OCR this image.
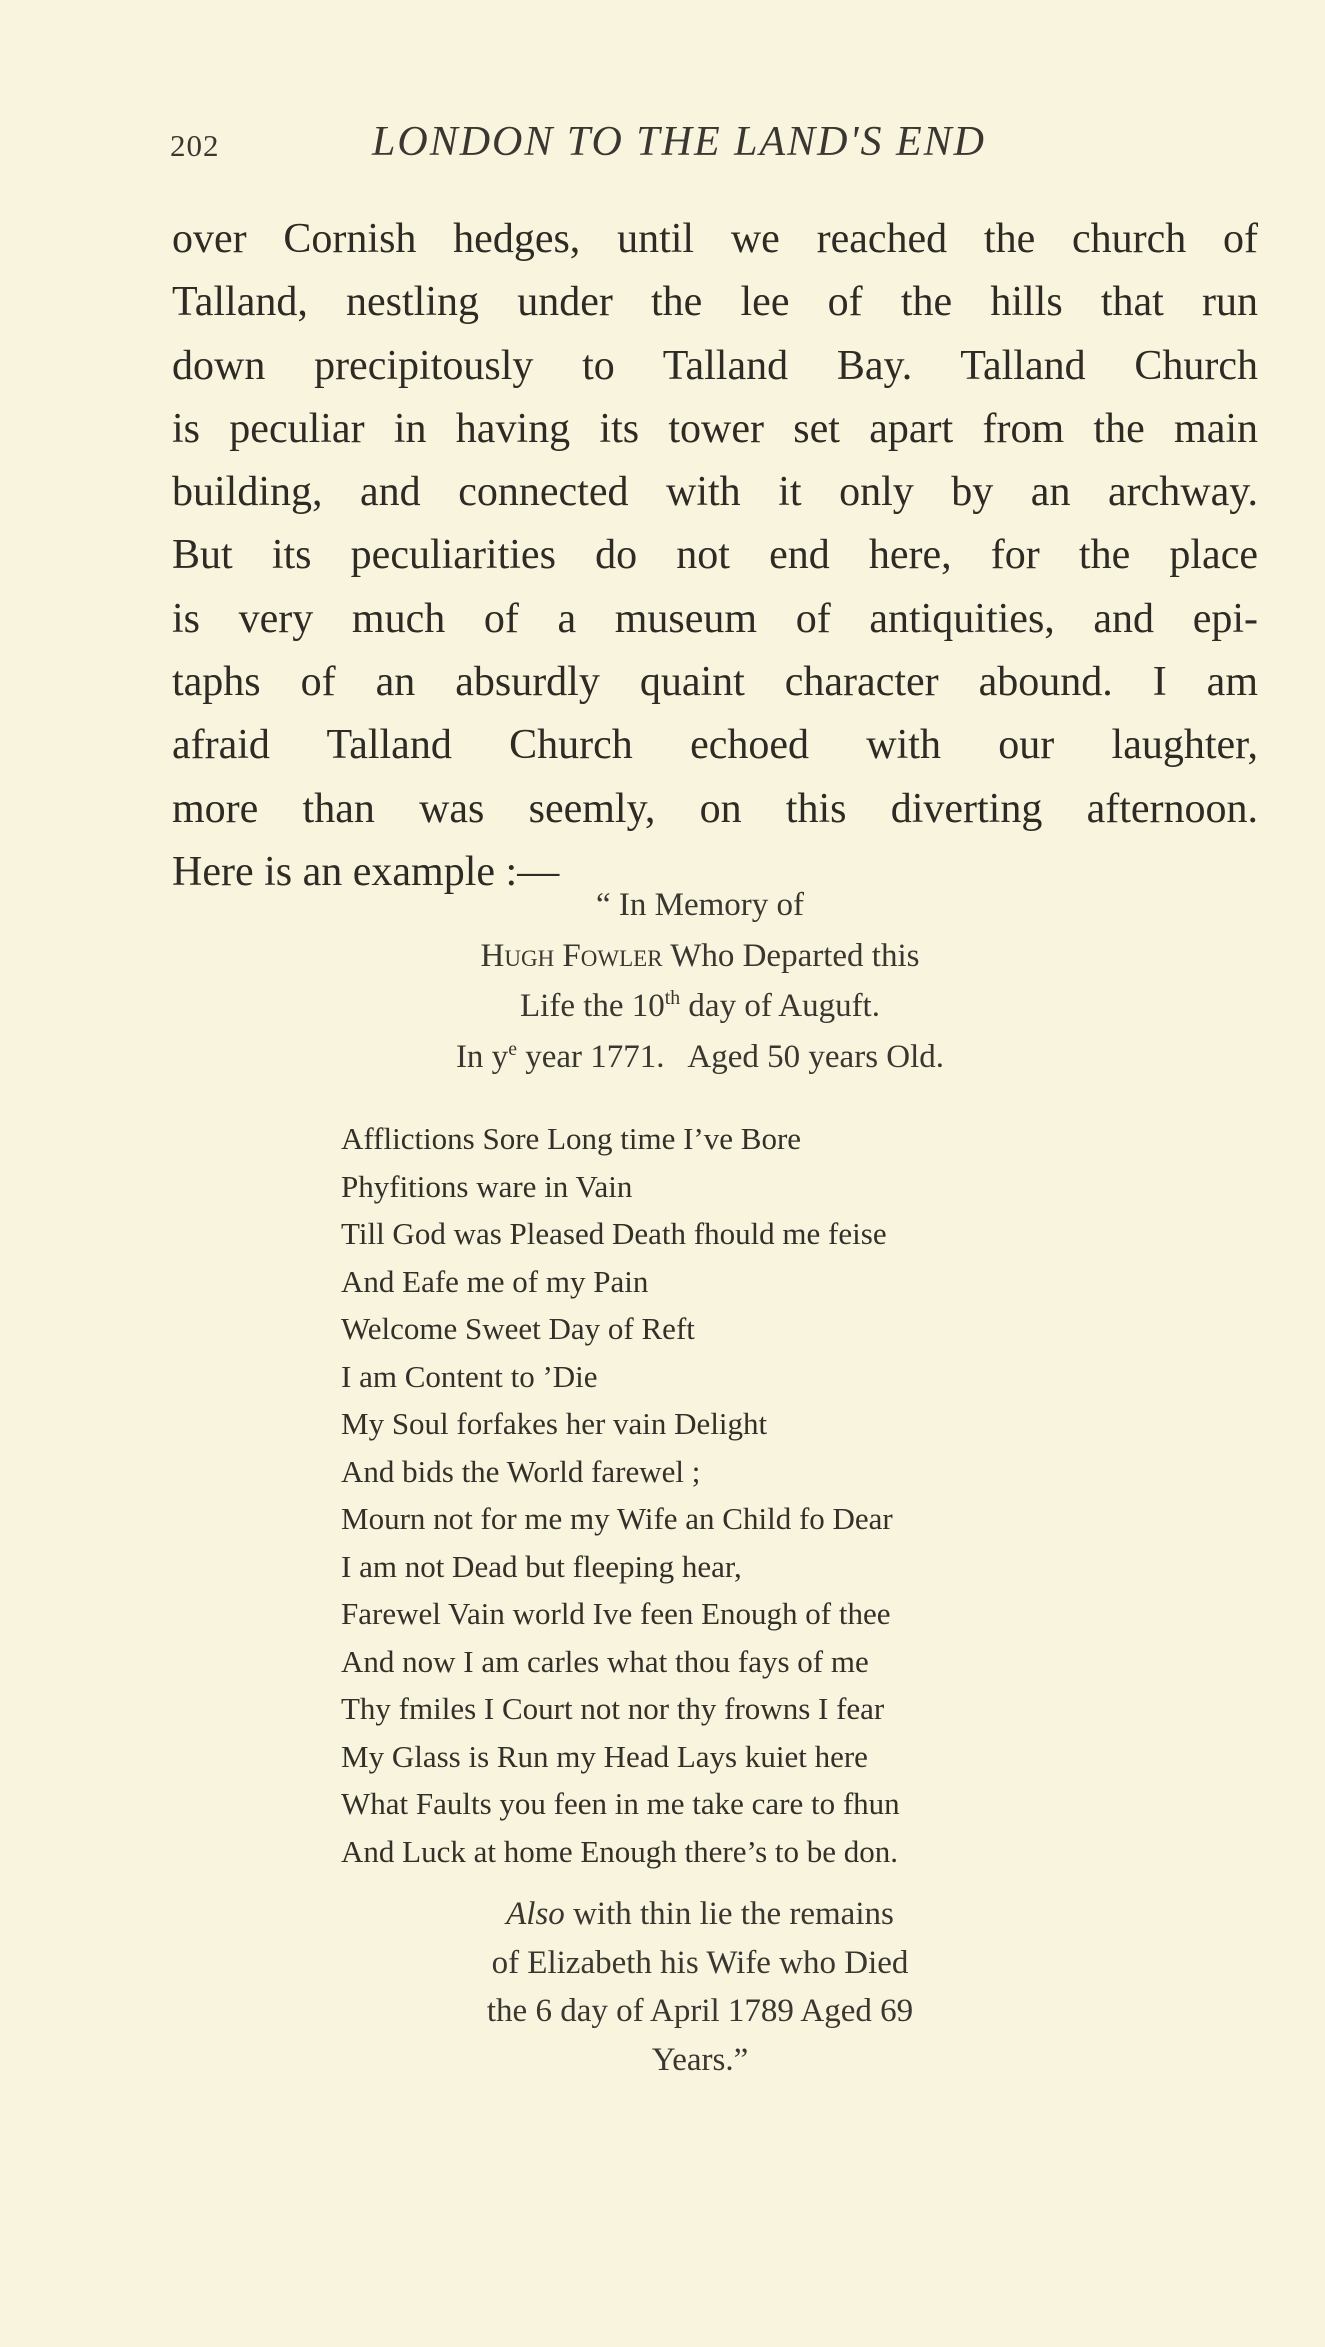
202	LONDON TO THE LAND'S END
over Cornish hedges, until we reached the church of
Talland, nestling under the lee of the hills that run
down precipitously to Talland Bay. Talland Church
is peculiar in having its tower set apart from the main
building, and connected with it only by an archway.
But its peculiarities do not end here, for the place
is very much of a museum of antiquities, and epi-
taphs of an absurdly quaint character abound. I am
afraid Talland Church echoed with our laughter,
more than was seemly, on this diverting afternoon.
Here is an example :—
“ In Memory of
Hugh Fowler Who Departed this
Life the 10th day of Auguft.
In $y^e$ year 1771.   Aged 50 years Old.
Afflictions Sore Long time I’ve Bore
Phyfitions ware in Vain
Till God was Pleased Death fhould me feise
And Eafe me of my Pain
Welcome Sweet Day of Reft
I am Content to ’Die
My Soul forfakes her vain Delight
And bids the World farewel ;
Mourn not for me my Wife an Child fo Dear
I am not Dead but fleeping hear,
Farewel Vain world Ive feen Enough of thee
And now I am carles what thou fays of me
Thy fmiles I Court not nor thy frowns I fear
My Glass is Run my Head Lays kuiet here
What Faults you feen in me take care to fhun
And Luck at home Enough there’s to be don.
Also with thin lie the remains
of Elizabeth his Wife who Died
the 6 day of April 1789 Aged 69
Years.”
